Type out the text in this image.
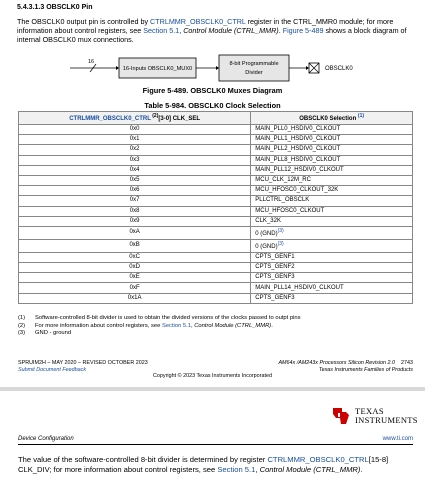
5.4.3.1.3 OBSCLK0 Pin
The OBSCLK0 output pin is controlled by CTRLMMR_OBSCLK0_CTRL register in the CTRL_MMR0 module; for more information about control registers, see Section 5.1, Control Module (CTRL_MMR). Figure 5-489 shows a block diagram of internal OBSCLK0 mux connections.
16
16-Inputs OBSCLK0_MUX0
8-bit Programmable
Divider
OBSCLK0
Figure 5-489. OBSCLK0 Muxes Diagram
Table 5-984. OBSCLK0 Clock Selection
CTRLMMR_OBSCLK0_CTRL $^{(2)}$[3-0] CLK_SEL	OBSCLK0 Selection $^{(1)}$
0x0	MAIN_PLL0_HSDIV0_CLKOUT
0x1	MAIN_PLL1_HSDIV0_CLKOUT
0x2	MAIN_PLL2_HSDIV0_CLKOUT
0x3	MAIN_PLL8_HSDIV0_CLKOUT
0x4	MAIN_PLL12_HSDIV0_CLKOUT
0x5	MCU_CLK_12M_RC
0x6	MCU_HFOSC0_CLKOUT_32K
0x7	PLLCTRL_OBSCLK
0x8	MCU_HFOSC0_CLKOUT
0x9	CLK_32K
0xA	0 (GND)$^{(3)}$
0xB	0 (GND)$^{(3)}$
0xC	CPTS_GENF1
0xD	CPTS_GENF2
0xE	CPTS_GENF3
0xF	MAIN_PLL14_HSDIV0_CLKOUT
0x1A	CPTS_GENF3
(1) Software-controlled 8-bit divider is used to obtain the divided versions of the clocks passed to outpt pins
(2) For more information about control registers, see Section 5.1, Control Module (CTRL_MMR).
(3) GND - ground
SPRUIM2H – MAY 2020 – REVISED OCTOBER 2023
Submit Document Feedback
AM64x /AM243x Processors Silicon Revision 2.0 2743
Texas Instruments Families of Products
Copyright © 2023 Texas Instruments Incorporated
TEXAS
INSTRUMENTS
Device Configuration	www.ti.com
The value of the software-controlled 8-bit divider is determined by register CTRLMMR_OBSCLK0_CTRL[15-8] CLK_DIV; for more information about control registers, see Section 5.1, Control Module (CTRL_MMR).
